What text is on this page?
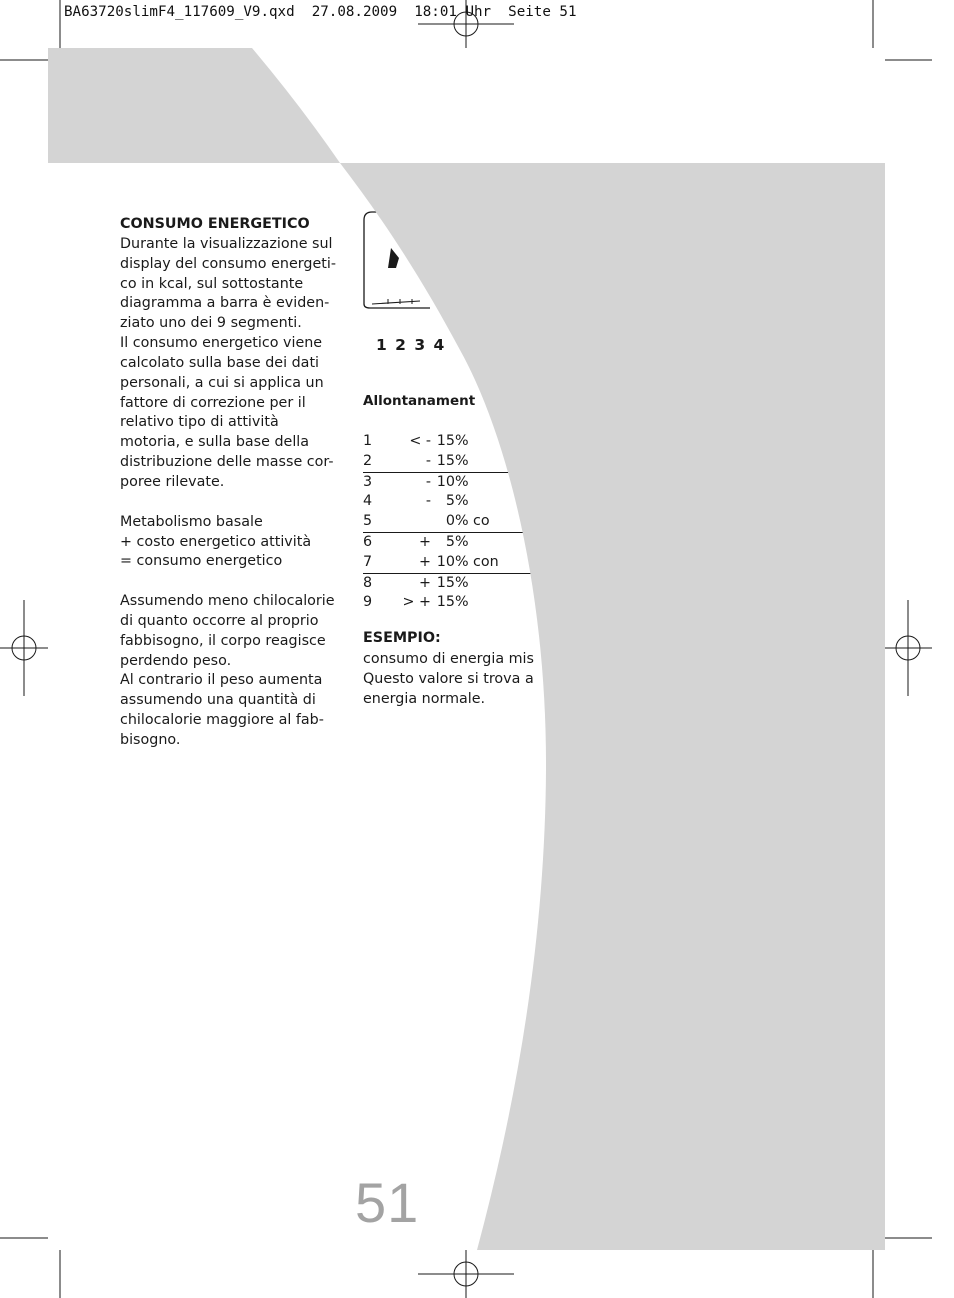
BA63720slimF4_117609_V9.qxd  27.08.2009  18:01 Uhr  Seite 51

CONSUMO ENERGETICO

Durante la visualizzazione sul

display del consumo energeti-

co in kcal, sul sottostante

diagramma a barra è eviden-

ziato uno dei 9 segmenti.

Il consumo energetico viene

calcolato sulla base dei dati

personali, a cui si applica un

fattore di correzione per il

relativo tipo di attività

motoria, e sulla base della

distribuzione delle masse cor-

poree rilevate.

Metabolismo basale

+ costo energetico attività

= consumo energetico

Assumendo meno chilocalorie

di quanto occorre al proprio

fabbisogno, il corpo reagisce

perdendo peso.

Al contrario il peso aumenta

assumendo una quantità di

chilocalorie maggiore al fab-

bisogno.

1 2 3 4
Allontanament
1	< -	15	%	
2	-	15	%	
3	-	10	%	
4	-	5	%	
5		0	%	co
6	+	5	%	
7	+	10	%	con
8	+	15	%	
9	> +	15	%	
ESEMPIO:

consumo di energia mis

Questo valore si trova a

energia normale.

51
